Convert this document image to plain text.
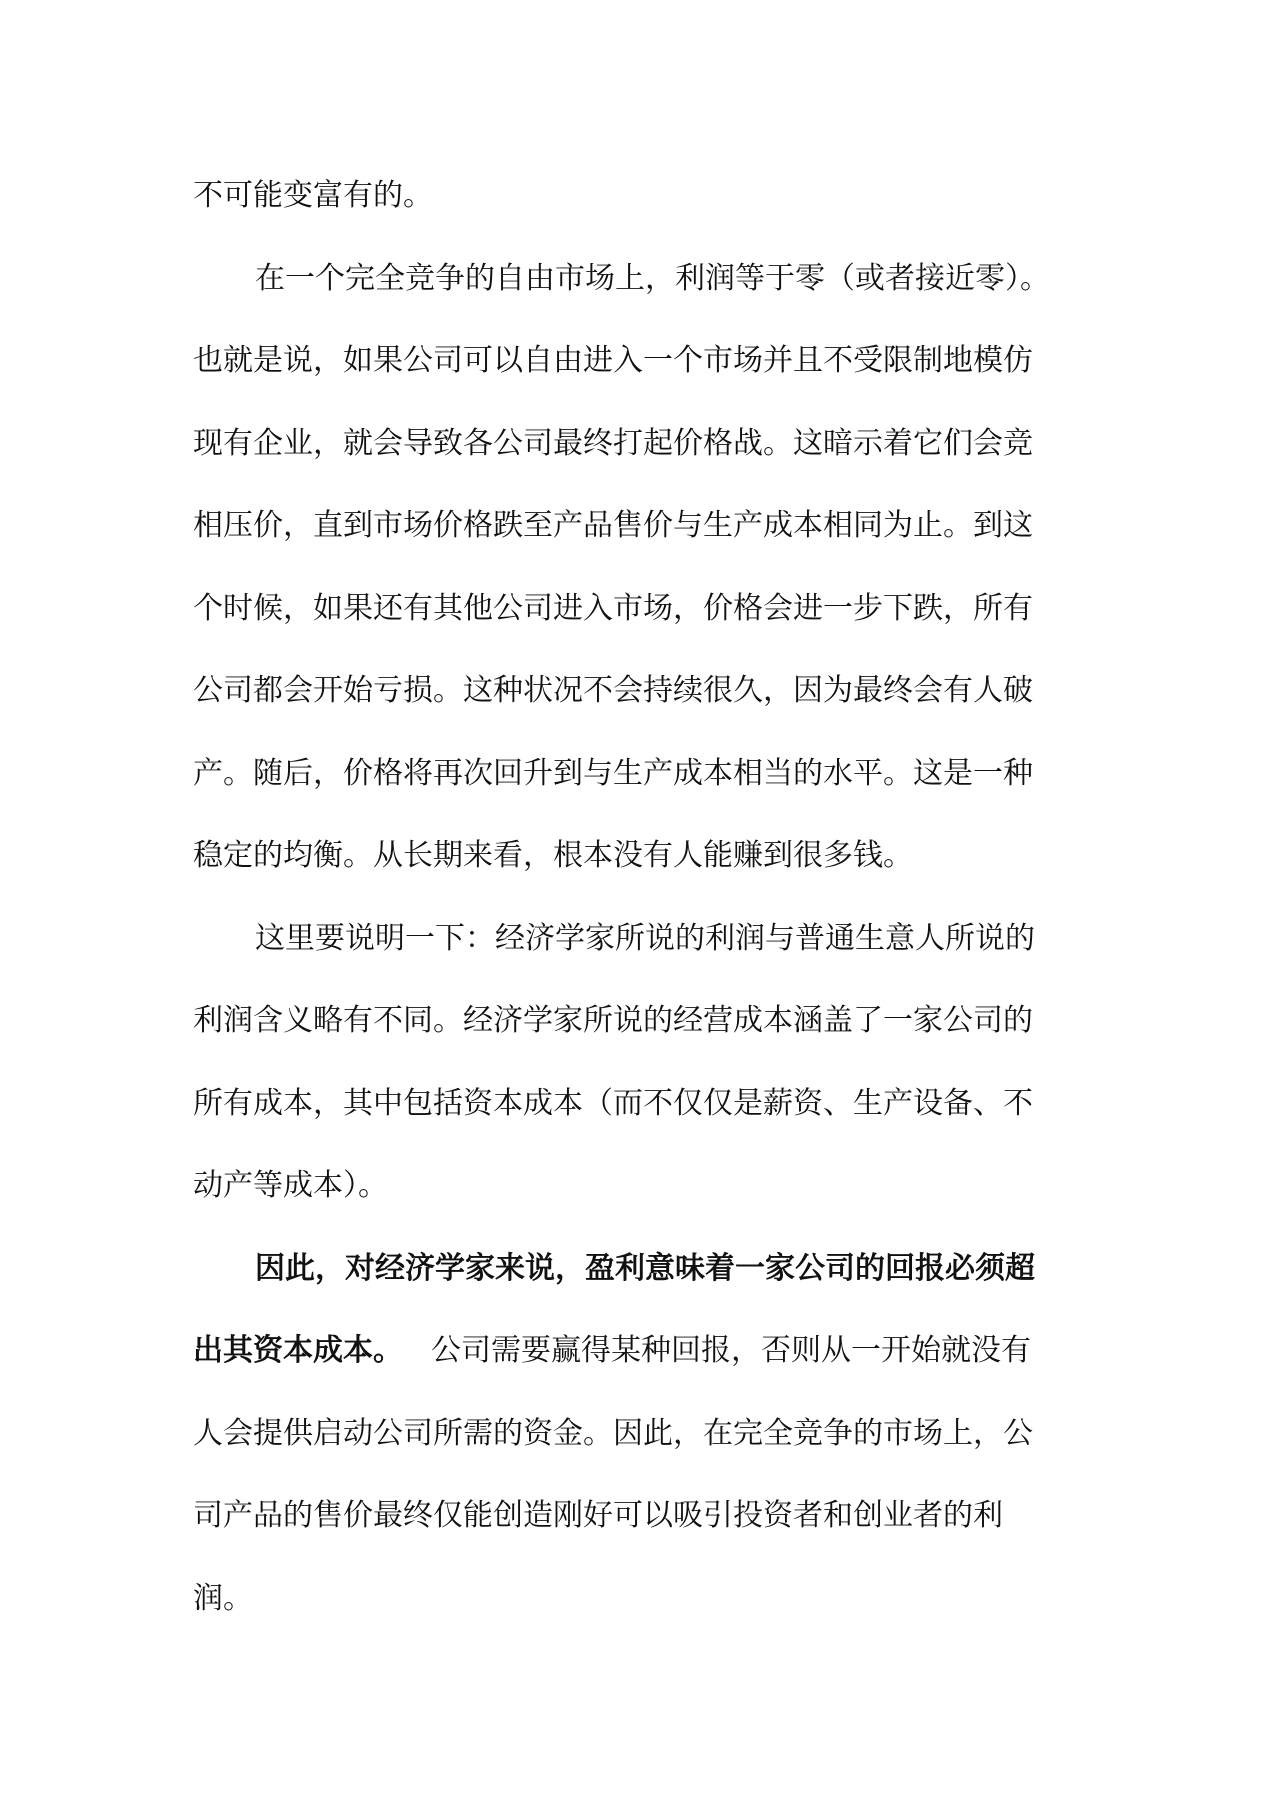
不可能变富有的。
在一个完全竞争的自由市场上，利润等于零（或者接近零）。
也就是说，如果公司可以自由进入一个市场并且不受限制地模仿
现有企业，就会导致各公司最终打起价格战。这暗示着它们会竞
相压价，直到市场价格跌至产品售价与生产成本相同为止。到这
个时候，如果还有其他公司进入市场，价格会进一步下跌，所有
公司都会开始亏损。这种状况不会持续很久，因为最终会有人破
产。随后，价格将再次回升到与生产成本相当的水平。这是一种
稳定的均衡。从长期来看，根本没有人能赚到很多钱。
这里要说明一下：经济学家所说的利润与普通生意人所说的
利润含义略有不同。经济学家所说的经营成本涵盖了一家公司的
所有成本，其中包括资本成本（而不仅仅是薪资、生产设备、不
动产等成本）。
因此，对经济学家来说，盈利意味着一家公司的回报必须超
出其资本成本。 公司需要赢得某种回报，否则从一开始就没有
人会提供启动公司所需的资金。因此，在完全竞争的市场上，公
司产品的售价最终仅能创造刚好可以吸引投资者和创业者的利
润。
